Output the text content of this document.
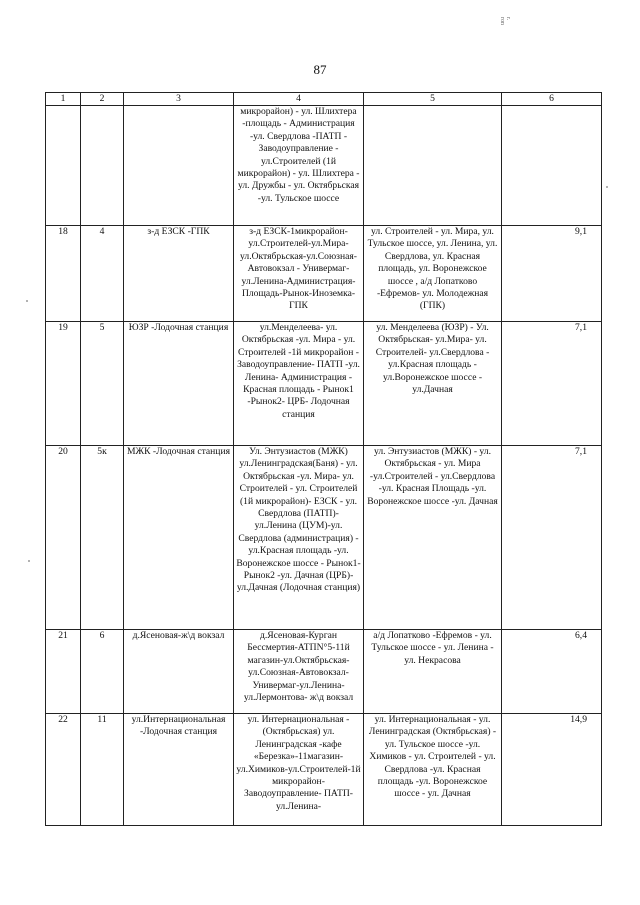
87
r. ron
1	2	3	4	5	6
			микрорайон) - ул. Шлихтера -площадь - Администрация -ул. Свердлова -ПАТП - Заводоуправление - ул.Строителей (1й микрорайон) - ул. Шлихтера - ул. Дружбы - ул. Октябрьская -ул. Тульское шоссе		
18	4	з-д ЕЗСК -ГПК	з-д ЕЗСК-1микрорайон-ул.Строителей-ул.Мира-ул.Октябрьская-ул.Союзная-Автовокзал - Универмаг-ул.Ленина-Администрация-Площадь-Рынок-Иноземка- ГПК	ул. Строителей - ул. Мира, ул. Тульское шоссе, ул. Ленина, ул. Свердлова, ул. Красная площадь, ул. Воронежское шоссе , а/д Лопатково -Ефремов- ул. Молодежная (ГПК)	9,1
19	5	ЮЗР -Лодочная станция	ул.Менделеева- ул. Октябрьская -ул. Мира - ул. Строителей -1й микрорайон - Заводоуправление- ПАТП -ул. Ленина- Администрация - Красная площадь - Рынок1 -Рынок2- ЦРБ- Лодочная станция	ул. Менделеева (ЮЗР) - Ул. Октябрьская- ул.Мира- ул. Строителей- ул.Свердлова - ул.Красная площадь - ул.Воронежское шоссе - ул.Дачная	7,1
20	5к	МЖК -Лодочная станция	Ул. Энтузиастов (МЖК) ул.Ленинградская(Баня) - ул. Октябрьская -ул. Мира- ул. Строителей - ул. Строителей (1й микрорайон)- ЕЗСК - ул. Свердлова (ПАТП)- ул.Ленина (ЦУМ)-ул. Свердлова (администрация) - ул.Красная площадь -ул. Воронежское шоссе - Рынок1- Рынок2 -ул. Дачная (ЦРБ)-ул.Дачная (Лодочная станция)	ул. Энтузиастов (МЖК) - ул. Октябрьская - ул. Мира -ул.Строителей - ул.Свердлова -ул. Красная Площадь -ул. Воронежское шоссе -ул. Дачная	7,1
21	6	д.Ясеновая-ж\д вокзал	д.Ясеновая-Курган Бессмертия-АТПN°5-11й магазин-ул.Октябрьская-ул.Союзная-Автовокзал-Универмаг-ул.Ленина-ул.Лермонтова- ж\д вокзал	а/д Лопатково -Ефремов - ул. Тульское шоссе - ул. Ленина - ул. Некрасова	6,4
22	11	ул.Интернациональная -Лодочная станция	ул. Интернациональная - (Октябрьская) ул. Ленинградская -кафе «Березка»-11магазин-ул.Химиков-ул.Строителей-1й микрорайон- Заводоуправление- ПАТП-ул.Ленина-	ул. Интернациональная - ул. Ленинградская (Октябрьская) - ул. Тульское шоссе -ул. Химиков - ул. Строителей - ул. Свердлова -ул. Красная площадь -ул. Воронежское шоссе - ул. Дачная	14,9
